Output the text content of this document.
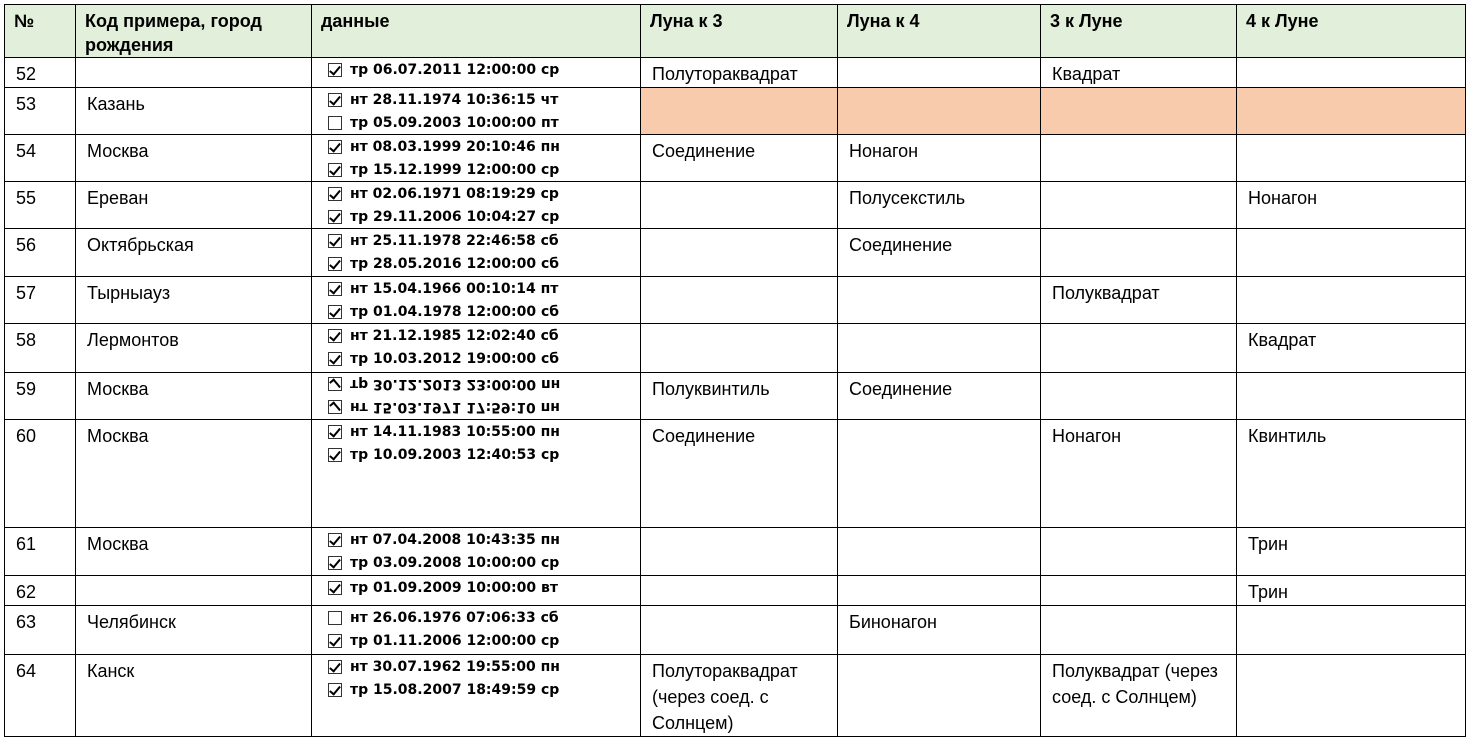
№	Код примера, город рождения	данные	Луна к 3	Луна к 4	3 к Луне	4 к Луне
52		тр 06.07.2011 12:00:00 ср	Полутораквадрат		Квадрат	
53	Казань	нт 28.11.1974 10:36:15 чт
тр 05.09.2003 10:00:00 пт				

54	Москва	нт 08.03.1999 20:10:46 пн
тр 15.12.1999 12:00:00 ср	Соединение	Нонагон		
55	Ереван	нт 02.06.1971 08:19:29 ср
тр 29.11.2006 10:04:27 ср		Полусекстиль		Нонагон
56	Октябрьская	нт 25.11.1978 22:46:58 сб
тр 28.05.2016 12:00:00 сб		Соединение		
57	Тырныауз	нт 15.04.1966 00:10:14 пт
тр 01.04.1978 12:00:00 сб			Полуквадрат	
58	Лермонтов	нт 21.12.1985 12:02:40 сб
тр 10.03.2012 19:00:00 сб				Квадрат
59	Москва	тр 30.12.2013 23:00:00 пн
нт 15.03.1971 17:59:10 пн	Полуквинтиль	Соединение		
60	Москва	нт 14.11.1983 10:55:00 пн
тр 10.09.2003 12:40:53 ср	Соединение		Нонагон	Квинтиль
61	Москва	нт 07.04.2008 10:43:35 пн
тр 03.09.2008 10:00:00 ср				Трин
62		тр 01.09.2009 10:00:00 вт				Трин
63	Челябинск	нт 26.06.1976 07:06:33 сб
тр 01.11.2006 12:00:00 ср		Бинонагон		
64	Канск	нт 30.07.1962 19:55:00 пн
тр 15.08.2007 18:49:59 ср	Полутораквадрат (через соед. с Солнцем)		Полуквадрат (через соед. с Солнцем)	
